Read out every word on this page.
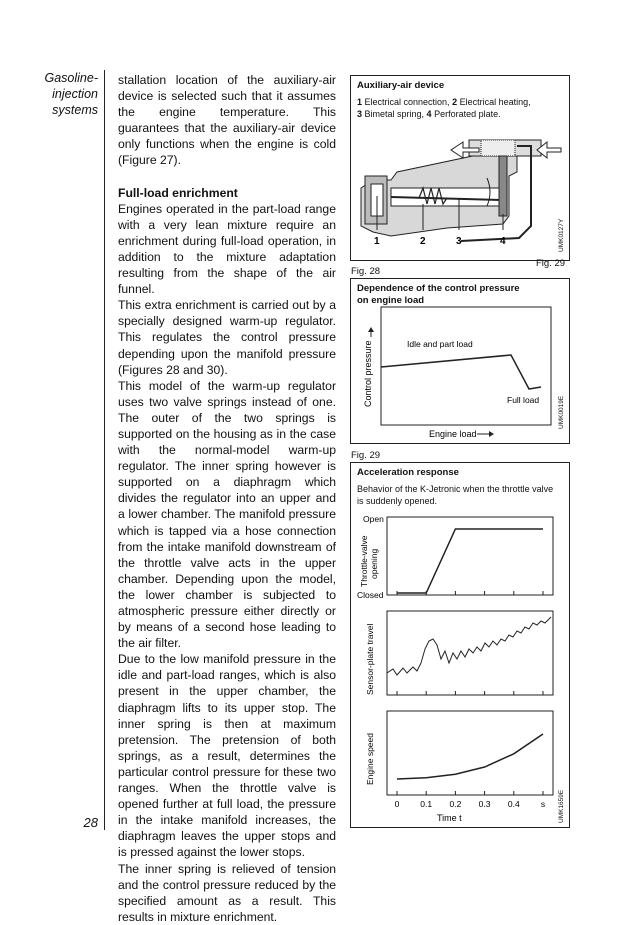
Gasoline-
injection
systems
28

stallation location of the auxiliary-air device is selected such that it assumes the engine temperature. This guarantees that the auxiliary-air device only functions when the engine is cold (Figure 27).

Full-load enrichment

Engines operated in the part-load range with a very lean mixture require an enrichment during full-load operation, in addition to the mixture adaptation resulting from the shape of the air funnel.

This extra enrichment is carried out by a specially designed warm-up regulator. This regulates the control pressure depending upon the manifold pressure (Figures 28 and 30).

This model of the warm-up regulator uses two valve springs instead of one. The outer of the two springs is supported on the housing as in the case with the normal-model warm-up regulator. The inner spring however is supported on a diaphragm which divides the regulator into an upper and a lower chamber. The manifold pressure which is tapped via a hose connection from the intake manifold downstream of the throttle valve acts in the upper chamber. Depending upon the model, the lower chamber is subjected to atmospheric pressure either directly or by means of a second hose leading to the air filter.

Due to the low manifold pressure in the idle and part-load ranges, which is also present in the upper chamber, the diaphragm lifts to its upper stop. The inner spring is then at maximum pretension. The pretension of both springs, as a result, determines the particular control pressure for these two ranges. When the throttle valve is opened further at full load, the pressure in the intake manifold increases, the diaphragm leaves the upper stops and is pressed against the lower stops.

The inner spring is relieved of tension and the control pressure reduced by the specified amount as a result. This results in mixture enrichment.

Auxiliary-air device
1 Electrical connection, 2 Electrical heating,
3 Bimetal spring, 4 Perforated plate.
1	2	3	4	UMK0127Y
Fig. 28
Fig. 29
Dependence of the control pressure
on engine load
Control pressure	Idle and part load
Full load
Engine load
UMK0019E
Fig. 29
Acceleration response
Behavior of the K-Jetronic when the throttle valve
is suddenly opened.
Open
Closed
Throttle-valve opening
Sensor-plate travel
Engine speed
0 0.1 0.2 0.3 0.4 s
Time t	UMK1659E
